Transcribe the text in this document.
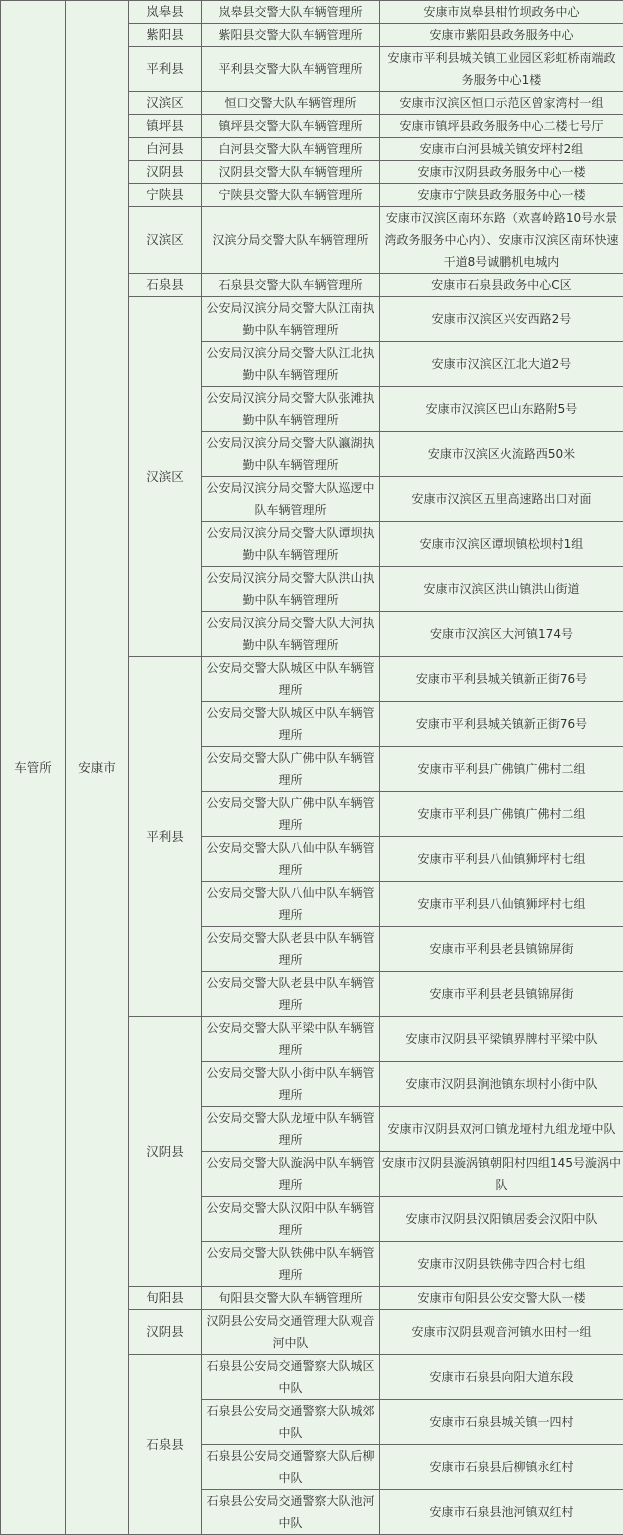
车管所	安康市	岚皋县	岚皋县交警大队车辆管理所	安康市岚皋县柑竹坝政务中心
		紫阳县	紫阳县交警大队车辆管理所	安康市紫阳县政务服务中心
		平利县	平利县交警大队车辆管理所	安康市平利县城关镇工业园区彩虹桥南端政务服务中心1楼
		汉滨区	恒口交警大队车辆管理所	安康市汉滨区恒口示范区曾家湾村一组
		镇坪县	镇坪县交警大队车辆管理所	安康市镇坪县政务服务中心二楼七号厅
		白河县	白河县交警大队车辆管理所	安康市白河县城关镇安坪村2组
		汉阴县	汉阴县交警大队车辆管理所	安康市汉阴县政务服务中心一楼
		宁陕县	宁陕县交警大队车辆管理所	安康市宁陕县政务服务中心一楼
		汉滨区	汉滨分局交警大队车辆管理所	安康市汉滨区南环东路（欢喜岭路10号水景湾政务服务中心内）、安康市汉滨区南环快速干道8号诚鹏机电城内
		石泉县	石泉县交警大队车辆管理所	安康市石泉县政务中心C区
		汉滨区	公安局汉滨分局交警大队江南执勤中队车辆管理所	安康市汉滨区兴安西路2号
			公安局汉滨分局交警大队江北执勤中队车辆管理所	安康市汉滨区江北大道2号
			公安局汉滨分局交警大队张滩执勤中队车辆管理所	安康市汉滨区巴山东路附5号
			公安局汉滨分局交警大队瀛湖执勤中队车辆管理所	安康市汉滨区火流路西50米
			公安局汉滨分局交警大队巡逻中队车辆管理所	安康市汉滨区五里高速路出口对面
			公安局汉滨分局交警大队谭坝执勤中队车辆管理所	安康市汉滨区谭坝镇松坝村1组
			公安局汉滨分局交警大队洪山执勤中队车辆管理所	安康市汉滨区洪山镇洪山街道
			公安局汉滨分局交警大队大河执勤中队车辆管理所	安康市汉滨区大河镇174号
		平利县	公安局交警大队城区中队车辆管理所	安康市平利县城关镇新正街76号
			公安局交警大队城区中队车辆管理所	安康市平利县城关镇新正街76号
			公安局交警大队广佛中队车辆管理所	安康市平利县广佛镇广佛村二组
			公安局交警大队广佛中队车辆管理所	安康市平利县广佛镇广佛村二组
			公安局交警大队八仙中队车辆管理所	安康市平利县八仙镇狮坪村七组
			公安局交警大队八仙中队车辆管理所	安康市平利县八仙镇狮坪村七组
			公安局交警大队老县中队车辆管理所	安康市平利县老县镇锦屏街
			公安局交警大队老县中队车辆管理所	安康市平利县老县镇锦屏街
		汉阴县	公安局交警大队平梁中队车辆管理所	安康市汉阴县平梁镇界牌村平梁中队
			公安局交警大队小街中队车辆管理所	安康市汉阴县涧池镇东坝村小街中队
			公安局交警大队龙垭中队车辆管理所	安康市汉阴县双河口镇龙垭村九组龙垭中队
			公安局交警大队漩涡中队车辆管理所	安康市汉阴县漩涡镇朝阳村四组145号漩涡中队
			公安局交警大队汉阳中队车辆管理所	安康市汉阴县汉阳镇居委会汉阳中队
			公安局交警大队铁佛中队车辆管理所	安康市汉阴县铁佛寺四合村七组
		旬阳县	旬阳县交警大队车辆管理所	安康市旬阳县公安交警大队一楼
		汉阴县	汉阴县公安局交通管理大队观音河中队	安康市汉阴县观音河镇水田村一组
		石泉县	石泉县公安局交通警察大队城区中队	安康市石泉县向阳大道东段
			石泉县公安局交通警察大队城郊中队	安康市石泉县城关镇一四村
			石泉县公安局交通警察大队后柳中队	安康市石泉县后柳镇永红村
			石泉县公安局交通警察大队池河中队	安康市石泉县池河镇双红村
